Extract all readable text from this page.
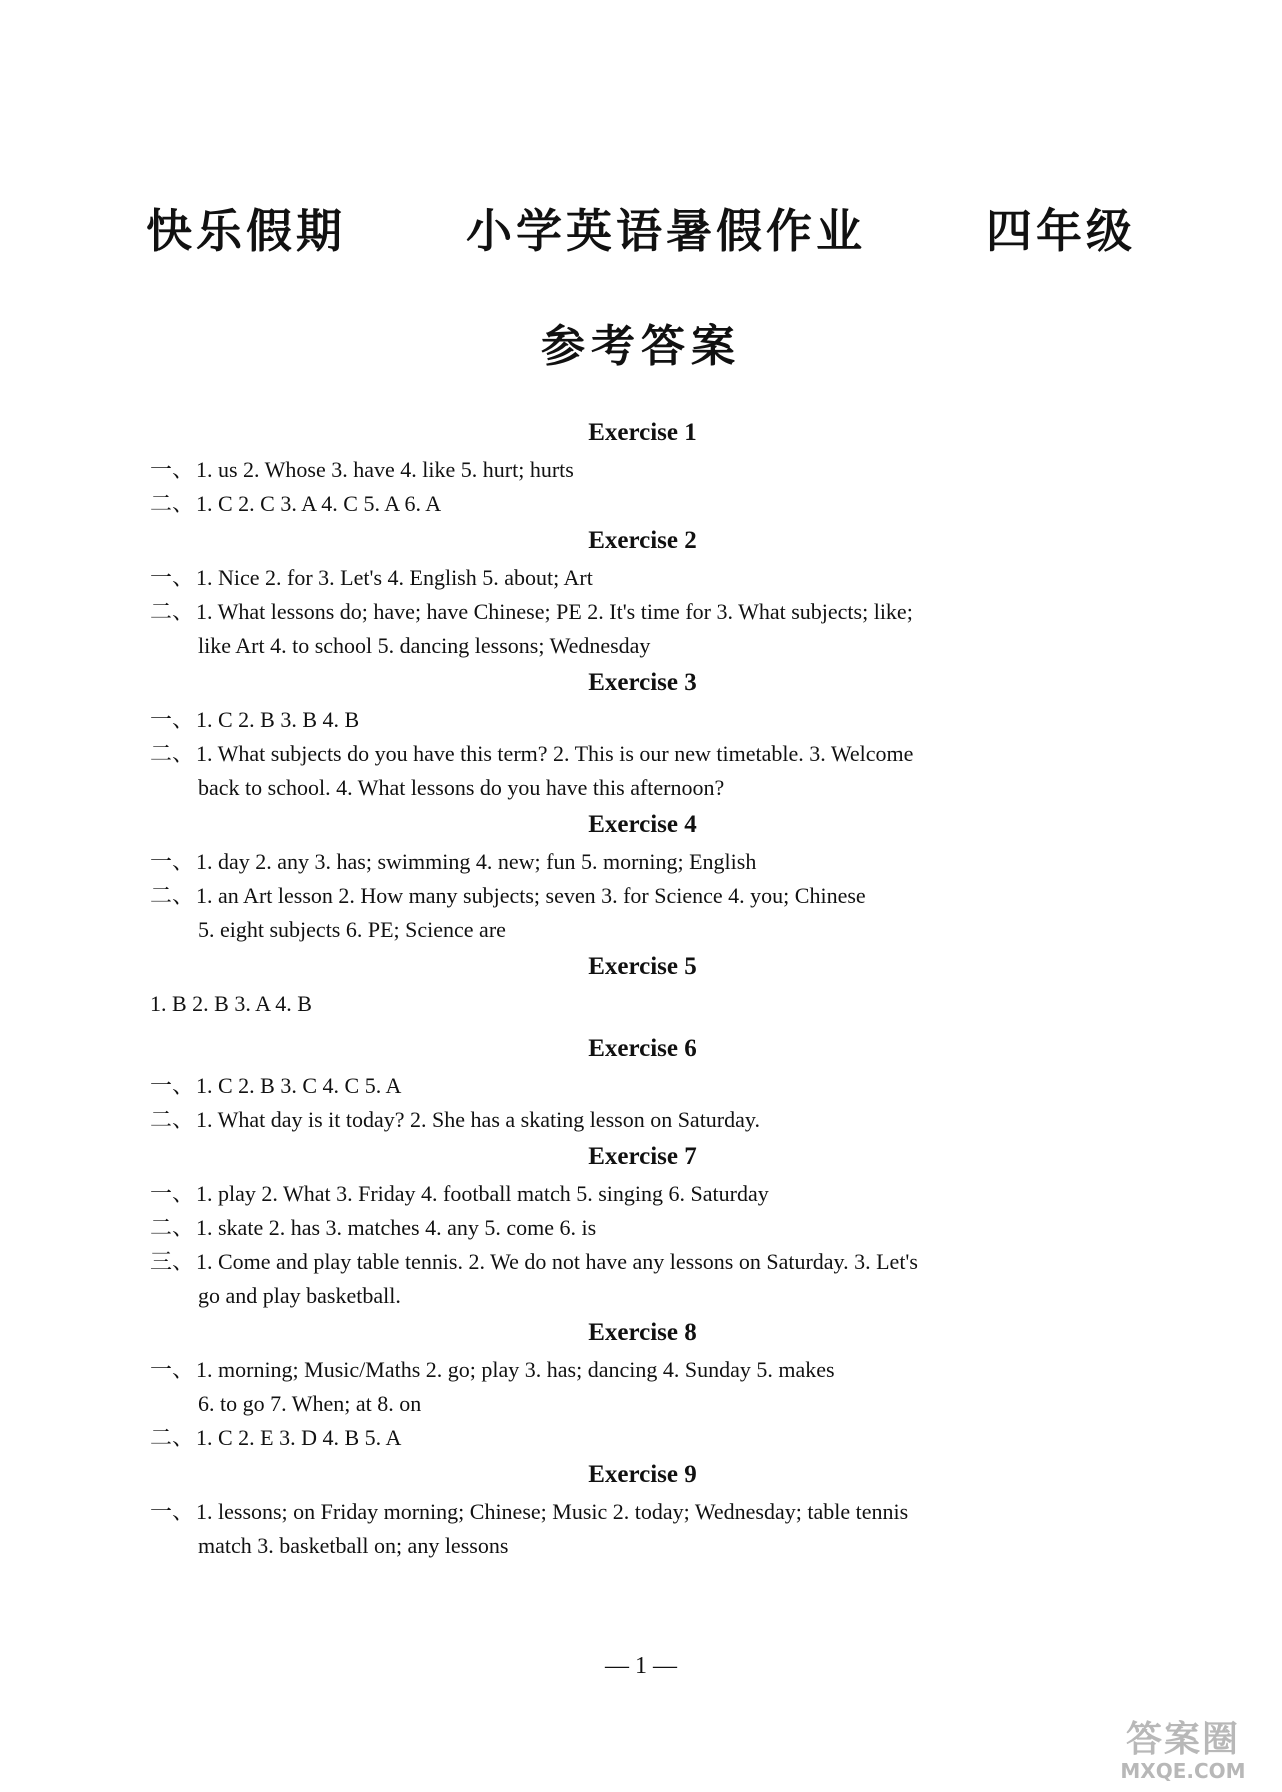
快乐假期  小学英语暑假作业  四年级
参考答案
Exercise 1
一、1. us 2. Whose 3. have 4. like 5. hurt; hurts
二、1. C 2. C 3. A 4. C 5. A 6. A
Exercise 2
一、1. Nice 2. for 3. Let's 4. English 5. about; Art
二、1. What lessons do; have; have Chinese; PE 2. It's time for 3. What subjects; like;
like Art 4. to school 5. dancing lessons; Wednesday
Exercise 3
一、1. C 2. B 3. B 4. B
二、1. What subjects do you have this term? 2. This is our new timetable. 3. Welcome
back to school. 4. What lessons do you have this afternoon?
Exercise 4
一、1. day 2. any 3. has; swimming 4. new; fun 5. morning; English
二、1. an Art lesson 2. How many subjects; seven 3. for Science 4. you; Chinese
5. eight subjects 6. PE; Science are
Exercise 5
1. B 2. B 3. A 4. B
Exercise 6
一、1. C 2. B 3. C 4. C 5. A
二、1. What day is it today? 2. She has a skating lesson on Saturday.
Exercise 7
一、1. play 2. What 3. Friday 4. football match 5. singing 6. Saturday
二、1. skate 2. has 3. matches 4. any 5. come 6. is
三、1. Come and play table tennis. 2. We do not have any lessons on Saturday. 3. Let's
go and play basketball.
Exercise 8
一、1. morning; Music/Maths 2. go; play 3. has; dancing 4. Sunday 5. makes
6. to go 7. When; at 8. on
二、1. C 2. E 3. D 4. B 5. A
Exercise 9
一、1. lessons; on Friday morning; Chinese; Music 2. today; Wednesday; table tennis
match 3. basketball on; any lessons
— 1 —
答案圈
MXQE.COM
